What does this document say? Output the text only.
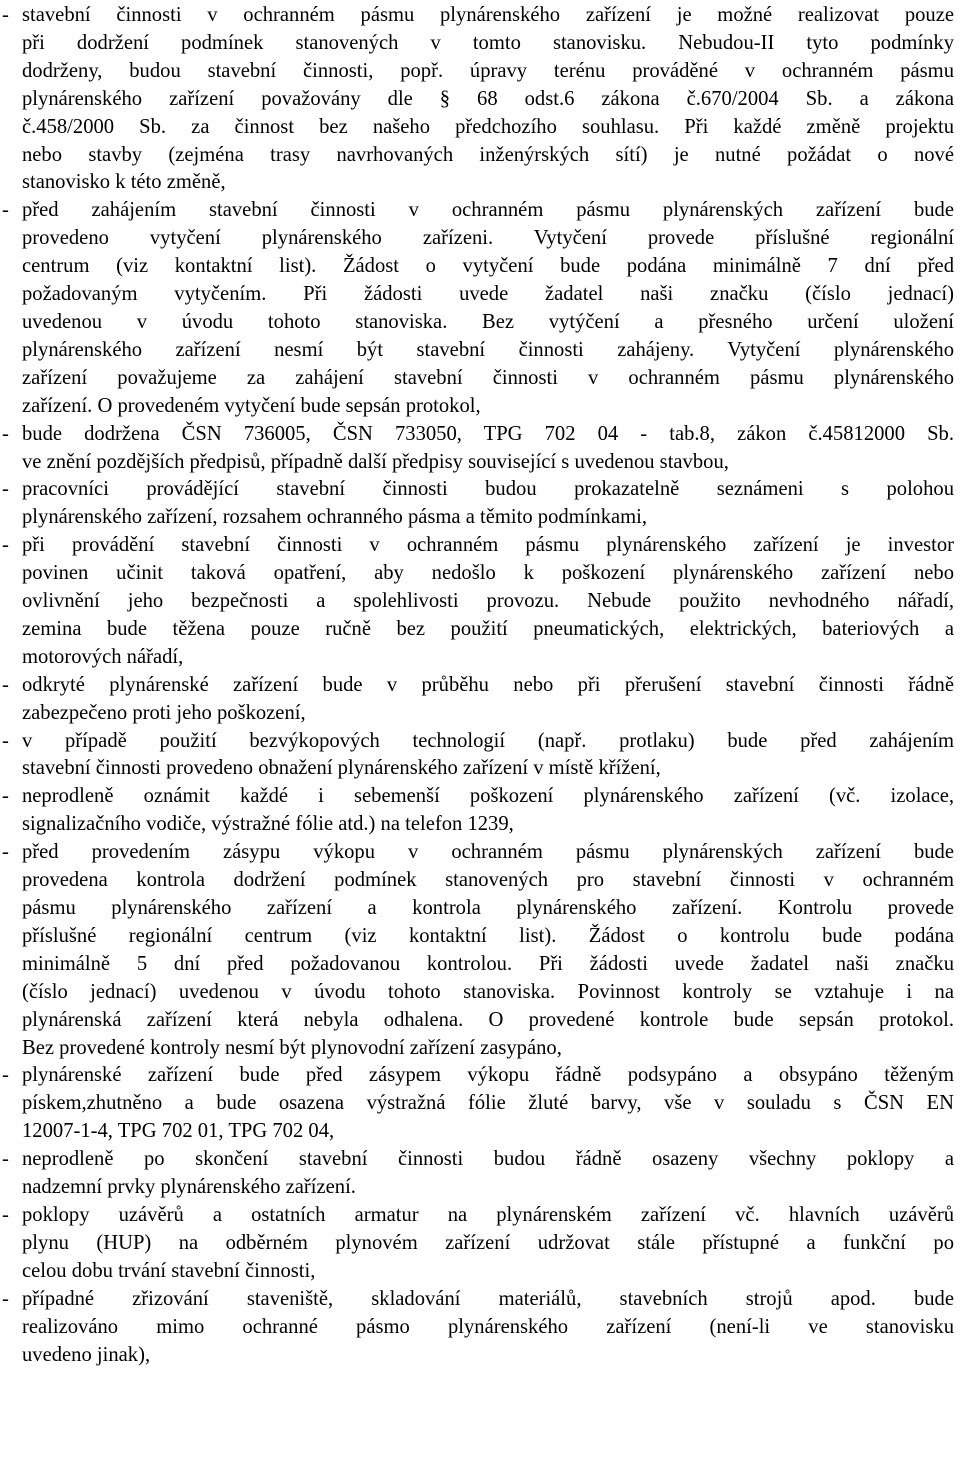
- stavební činnosti v ochranném pásmu plynárenského zařízení je možné realizovat pouze
při dodržení podmínek stanovených v tomto stanovisku. Nebudou-II tyto podmínky
dodrženy, budou stavební činnosti, popř. úpravy terénu prováděné v ochranném pásmu
plynárenského zařízení považovány dle § 68 odst.6 zákona č.670/2004 Sb. a zákona
č.458/2000 Sb. za činnost bez našeho předchozího souhlasu. Při každé změně projektu
nebo stavby (zejména trasy navrhovaných inženýrských sítí) je nutné požádat o nové
stanovisko k této změně,
- před zahájením stavební činnosti v ochranném pásmu plynárenských zařízení bude
provedeno vytyčení plynárenského zařízeni. Vytyčení provede příslušné regionální
centrum (viz kontaktní list). Žádost o vytyčení bude podána minimálně 7 dní před
požadovaným vytyčením. Při žádosti uvede žadatel naši značku (číslo jednací)
uvedenou v úvodu tohoto stanoviska. Bez vytýčení a přesného určení uložení
plynárenského zařízení nesmí být stavební činnosti zahájeny. Vytyčení plynárenského
zařízení považujeme za zahájení stavební činnosti v ochranném pásmu plynárenského
zařízení. O provedeném vytyčení bude sepsán protokol,
- bude dodržena ČSN 736005, ČSN 733050, TPG 702 04 - tab.8, zákon č.45812000 Sb.
ve znění pozdějších předpisů, případně další předpisy související s uvedenou stavbou,
- pracovníci provádějící stavební činnosti budou prokazatelně seznámeni s polohou
plynárenského zařízení, rozsahem ochranného pásma a těmito podmínkami,
- při provádění stavební činnosti v ochranném pásmu plynárenského zařízení je investor
povinen učinit taková opatření, aby nedošlo k poškození plynárenského zařízení nebo
ovlivnění jeho bezpečnosti a spolehlivosti provozu. Nebude použito nevhodného nářadí,
zemina bude těžena pouze ručně bez použití pneumatických, elektrických, bateriových a
motorových nářadí,
- odkryté plynárenské zařízení bude v průběhu nebo při přerušení stavební činnosti řádně
zabezpečeno proti jeho poškození,
- v případě použití bezvýkopových technologií (např. protlaku) bude před zahájením
stavební činnosti provedeno obnažení plynárenského zařízení v místě křížení,
- neprodleně oznámit každé i sebemenší poškození plynárenského zařízení (vč. izolace,
signalizačního vodiče, výstražné fólie atd.) na telefon 1239,
- před provedením zásypu výkopu v ochranném pásmu plynárenských zařízení bude
provedena kontrola dodržení podmínek stanovených pro stavební činnosti v ochranném
pásmu plynárenského zařízení a kontrola plynárenského zařízení. Kontrolu provede
příslušné regionální centrum (viz kontaktní list). Žádost o kontrolu bude podána
minimálně 5 dní před požadovanou kontrolou. Při žádosti uvede žadatel naši značku
(číslo jednací) uvedenou v úvodu tohoto stanoviska. Povinnost kontroly se vztahuje i na
plynárenská zařízení která nebyla odhalena. O provedené kontrole bude sepsán protokol.
Bez provedené kontroly nesmí být plynovodní zařízení zasypáno,
- plynárenské zařízení bude před zásypem výkopu řádně podsypáno a obsypáno těženým
pískem,zhutněno a bude osazena výstražná fólie žluté barvy, vše v souladu s ČSN EN
12007-1-4, TPG 702 01, TPG 702 04,
- neprodleně po skončení stavební činnosti budou řádně osazeny všechny poklopy a
nadzemní prvky plynárenského zařízení.
- poklopy uzávěrů a ostatních armatur na plynárenském zařízení vč. hlavních uzávěrů
plynu (HUP) na odběrném plynovém zařízení udržovat stále přístupné a funkční po
celou dobu trvání stavební činnosti,
- případné zřizování staveniště, skladování materiálů, stavebních strojů apod. bude
realizováno mimo ochranné pásmo plynárenského zařízení (není-li ve stanovisku
uvedeno jinak),
